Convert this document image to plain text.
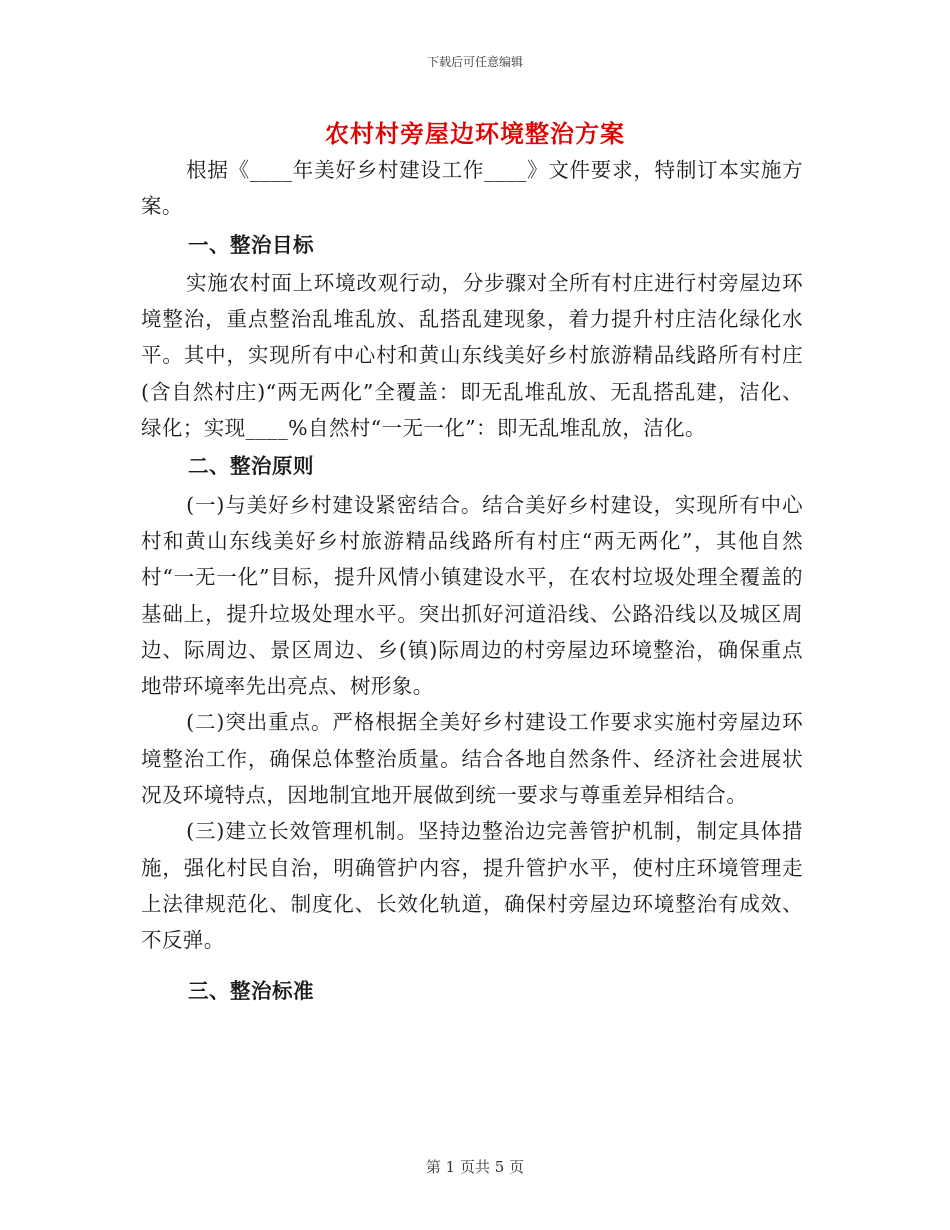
下载后可任意编辑
农村村旁屋边环境整治方案

根据《____年美好乡村建设工作____》文件要求，特制订本实施方案。

一、整治目标

实施农村面上环境改观行动，分步骤对全所有村庄进行村旁屋边环境整治，重点整治乱堆乱放、乱搭乱建现象，着力提升村庄洁化绿化水平。其中，实现所有中心村和黄山东线美好乡村旅游精品线路所有村庄(含自然村庄)“两无两化”全覆盖：即无乱堆乱放、无乱搭乱建，洁化、绿化；实现____%自然村“一无一化”：即无乱堆乱放，洁化。

二、整治原则

(一)与美好乡村建设紧密结合。结合美好乡村建设，实现所有中心村和黄山东线美好乡村旅游精品线路所有村庄“两无两化”，其他自然村“一无一化”目标，提升风情小镇建设水平，在农村垃圾处理全覆盖的基础上，提升垃圾处理水平。突出抓好河道沿线、公路沿线以及城区周边、际周边、景区周边、乡(镇)际周边的村旁屋边环境整治，确保重点地带环境率先出亮点、树形象。

(二)突出重点。严格根据全美好乡村建设工作要求实施村旁屋边环境整治工作，确保总体整治质量。结合各地自然条件、经济社会进展状况及环境特点，因地制宜地开展做到统一要求与尊重差异相结合。

(三)建立长效管理机制。坚持边整治边完善管护机制，制定具体措施，强化村民自治，明确管护内容，提升管护水平，使村庄环境管理走上法律规范化、制度化、长效化轨道，确保村旁屋边环境整治有成效、不反弹。

三、整治标准
第 1 页共 5 页
